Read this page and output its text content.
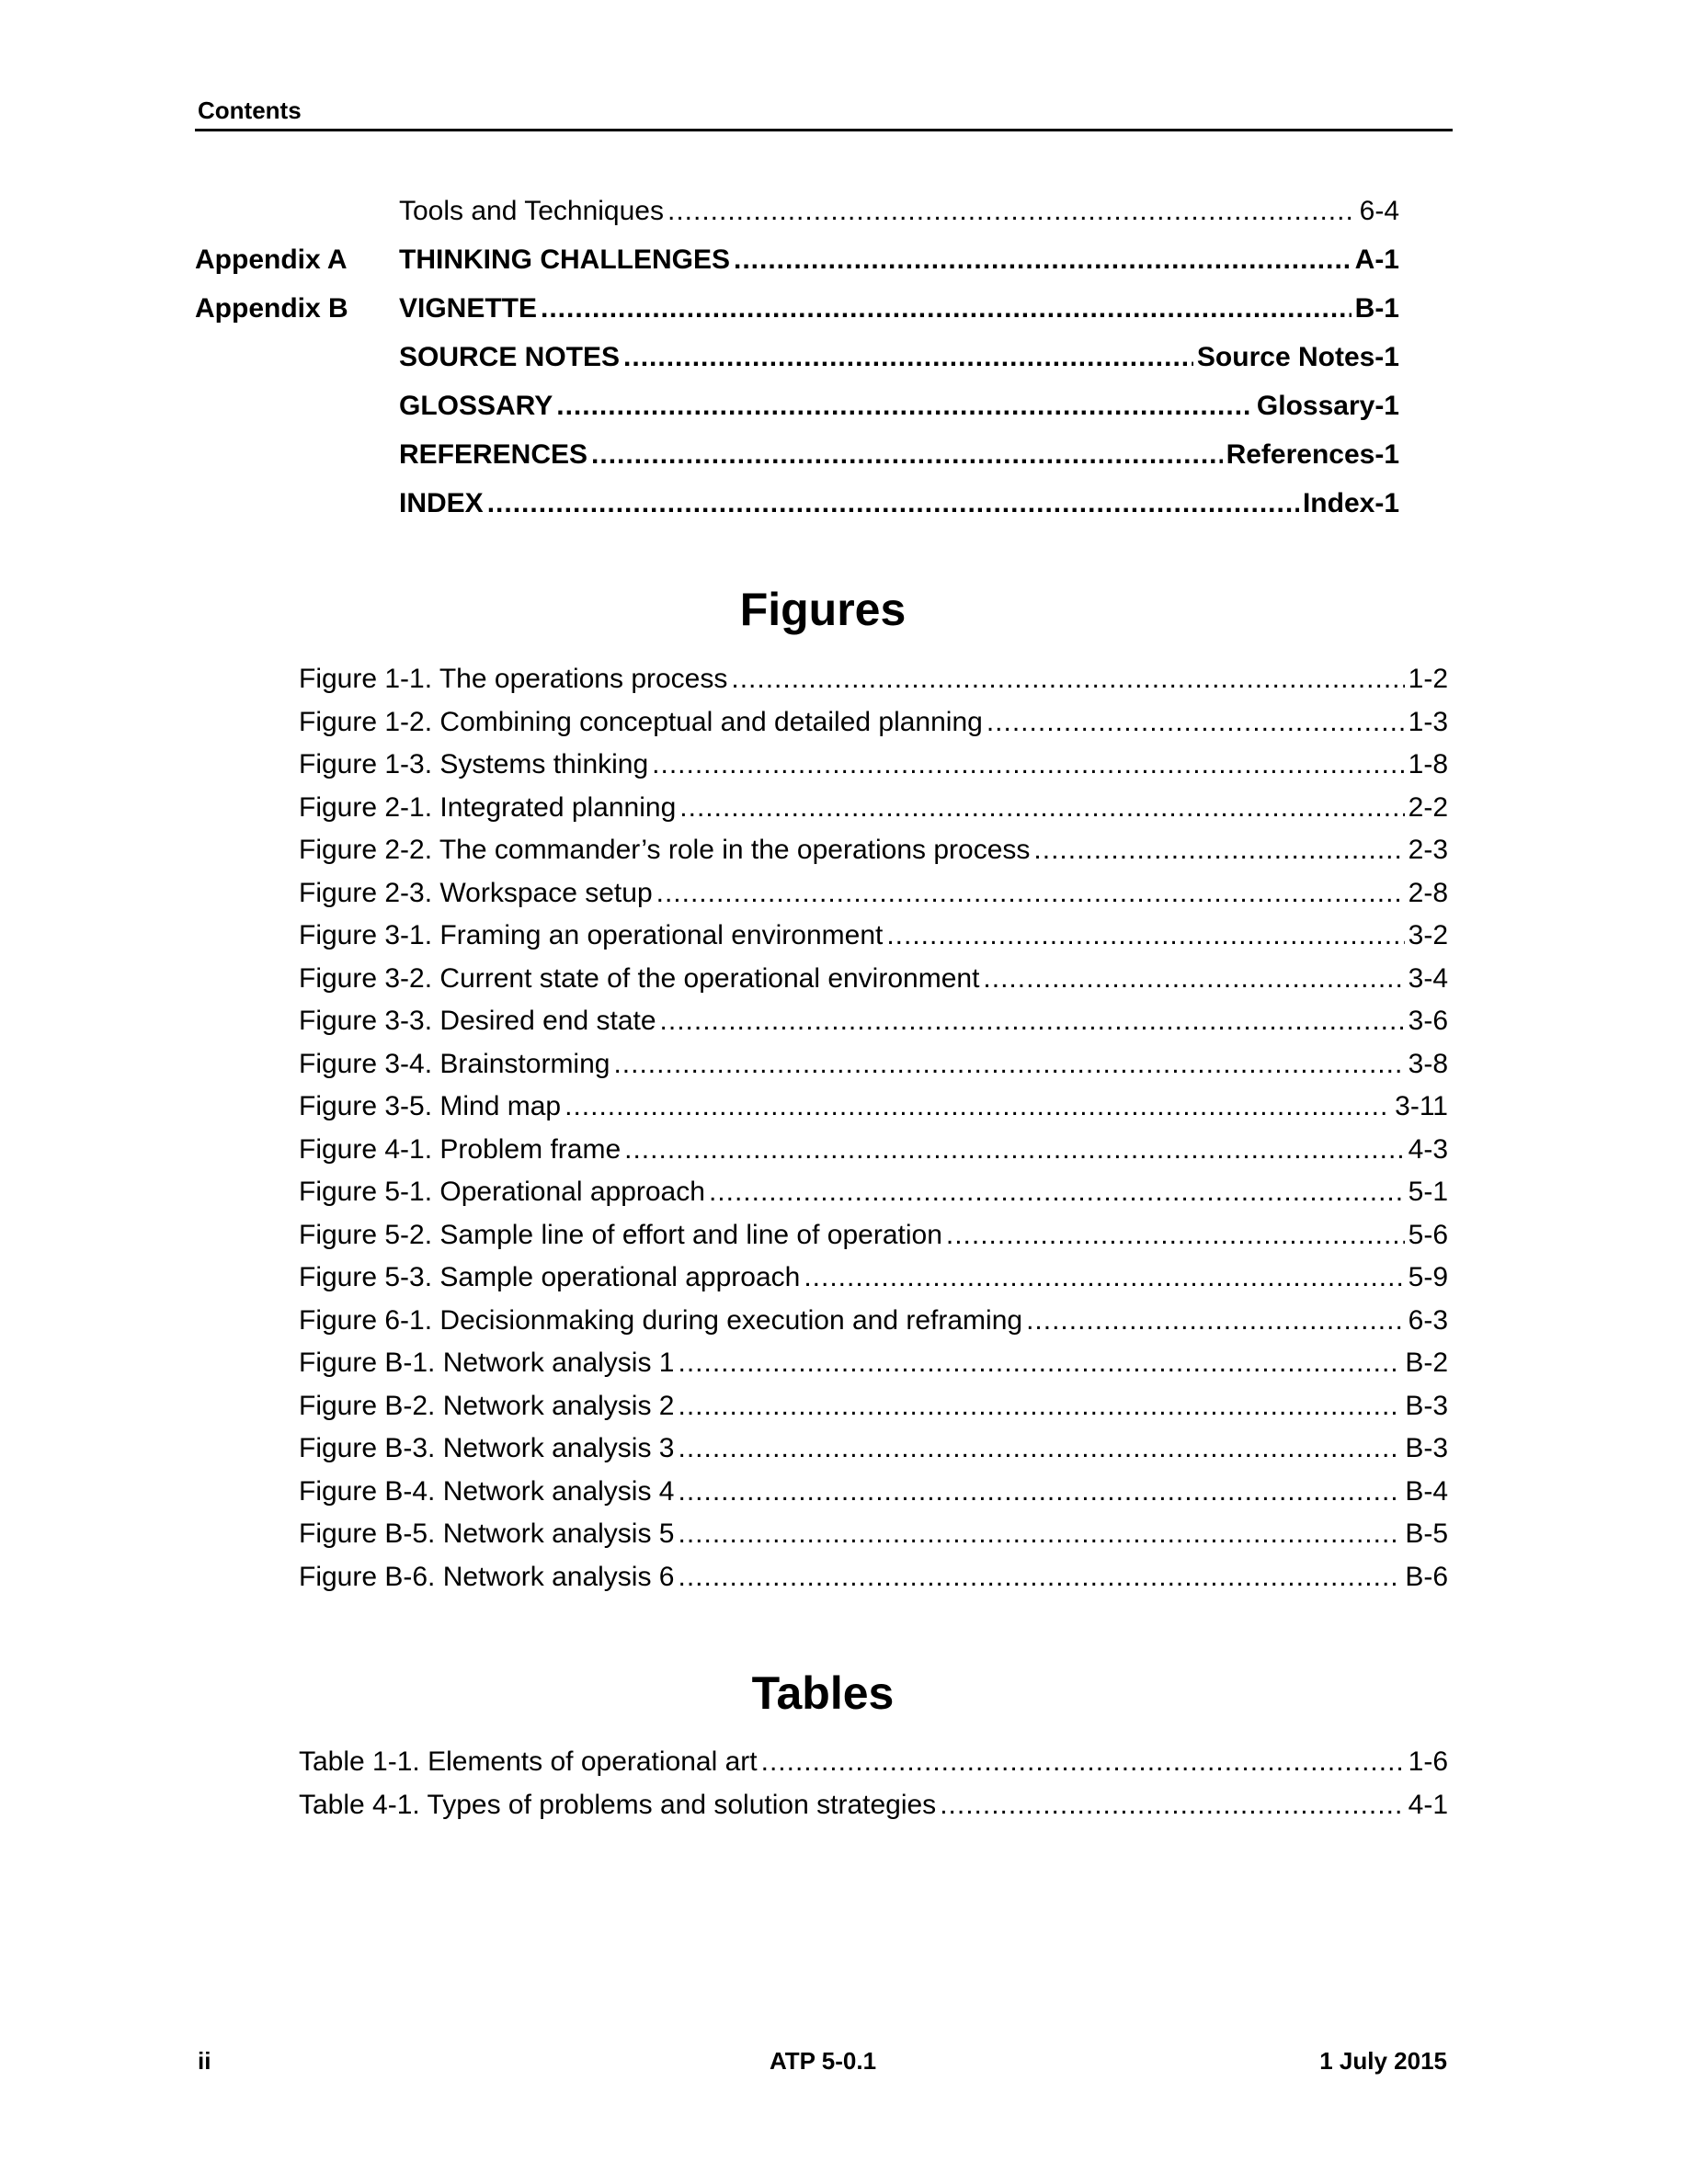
Contents
Tools and Techniques .....	6-4
Appendix A	THINKING CHALLENGES .....	A-1
Appendix B	VIGNETTE .....	B-1
SOURCE NOTES .....	Source Notes-1
GLOSSARY .....	Glossary-1
REFERENCES .....	References-1
INDEX .....	Index-1
Figures
Figure 1-1. The operations process .....	1-2
Figure 1-2. Combining conceptual and detailed planning .....	1-3
Figure 1-3. Systems thinking .....	1-8
Figure 2-1. Integrated planning .....	2-2
Figure 2-2. The commander’s role in the operations process .....	2-3
Figure 2-3. Workspace setup .....	2-8
Figure 3-1. Framing an operational environment .....	3-2
Figure 3-2. Current state of the operational environment .....	3-4
Figure 3-3. Desired end state .....	3-6
Figure 3-4. Brainstorming .....	3-8
Figure 3-5. Mind map .....	3-11
Figure 4-1. Problem frame .....	4-3
Figure 5-1. Operational approach .....	5-1
Figure 5-2. Sample line of effort and line of operation .....	5-6
Figure 5-3. Sample operational approach .....	5-9
Figure 6-1. Decisionmaking during execution and reframing .....	6-3
Figure B-1. Network analysis 1 .....	B-2
Figure B-2. Network analysis 2 .....	B-3
Figure B-3. Network analysis 3 .....	B-3
Figure B-4. Network analysis 4 .....	B-4
Figure B-5. Network analysis 5 .....	B-5
Figure B-6. Network analysis 6 .....	B-6
Tables
Table 1-1. Elements of operational art .....	1-6
Table 4-1. Types of problems and solution strategies .....	4-1
ii	ATP 5-0.1	1 July 2015
